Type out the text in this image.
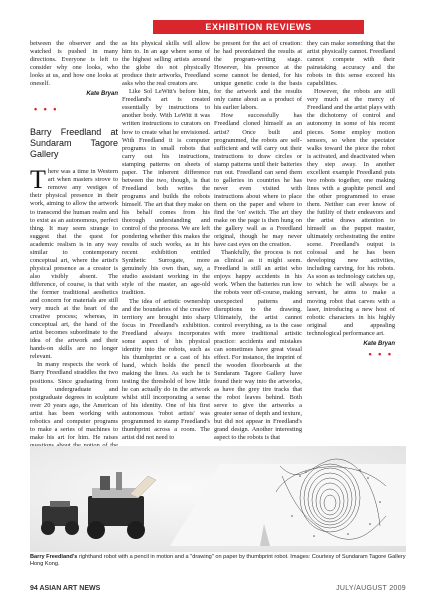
EXHIBITION REVIEWS

between the observer and the watched is pushed in many directions. Everyone is left to consider why one looks, who looks at us, and how one looks at oneself.

Kate Bryan
• • •
Barry Freedland at Sundaram Tagore Gallery

There was a time in Western art when masters strove to remove any vestiges of their physical presence in their work, aiming to allow the artwork to transcend the human realm and to exist as an autonomous, perfect thing. It may seem strange to suggest that the quest for academic realism is in any way similar to contemporary conceptual art, where the artist's physical presence as a creator is also visibly absent. The difference, of course, is that with the former traditional aesthetics and concern for materials are still very much at the heart of the creative process; whereas, in conceptual art, the hand of the artist becomes subordinate to the idea of the artwork and their hands-on skills are no longer relevant.

In many respects the work of Barry Freedland straddles the two positions. Since graduating from his undergraduate and postgraduate degrees in sculpture over 20 years ago, the American artist has been working with robotics and computer programs to make a series of machines to make his art for him. He raises

as his physical skills will allow him to. In an age where some of the highest selling artists around the globe do not physically produce their artworks, Freedland asks who the real creators are.

Like Sol LeWitt's before him, Freedland's art is created essentially by instructions to another body. With LeWitt it was written instructions to curators on how to create what he envisioned. With Freedland it is computer programs in small robots that carry out his instructions, stamping patterns on sheets of paper. The inherent difference between the two, though, is that Freedland both writes the programs and builds the robots himself. The art that they make on his behalf comes from his thorough understanding and control of the process. We are left pondering whether this makes the results of such works, as in his recent exhibition entitled Synthetic Surrogate, more genuinely his own than, say, a studio assistant working in the style of the master, an age-old tradition.

The idea of artistic ownership and the boundaries of the creative territory are brought into sharp focus in Freedland's exhibition. Freedland always incorporates some aspect of his physical identity into the robots, such as his thumbprint or a cast of his hand, which holds the pencil making the lines. As such he is testing the threshold of how little he can actually do in the artwork whilst still incorporating a sense of his identity. One of his first autonomous 'robot artists' was programmed to stamp Freedland's thumbprint across a room. The artist did not need to

be present for the act of creation: he had preordained the results at the program-writing stage. However, his presence at the scene cannot be denied, for his unique genetic code is the basis for the artwork and the results only came about as a product of his earlier labors.

How successfully has Freedland cloned himself as an artist? Once built and programmed, the robots are self-sufficient and will carry out their instructions to draw circles or stamp patterns until their batteries run out. Freedland can send them to galleries in countries he has never even visited with instructions about where to place them on the paper and where to find the 'on' switch. The art they make on the page is then hung on the gallery wall as a Freedland original, though he may never have cast eyes on the creation.

Thankfully, the process is not as clinical as it might seem. Freedland is still an artist who enjoys happy accidents in his work. When the batteries run low the robots veer off-course, making unexpected patterns and disruptions to the drawing. Ultimately, the artist cannot control everything, as is the case with more traditional artistic practice: accidents and mistakes can sometimes have great visual effect. For instance, the imprint of the wooden floorboards at the Sundaram Tagore Gallery have found their way into the artworks, as have the grey tire tracks that the robot leaves behind. Both serve to give the artworks a greater sense of depth and texture, but did not appear in Freedland's grand design. Another interesting aspect to the robots is that

they can make something that the artist physically cannot. Freedland cannot compete with their painstaking accuracy and the robots in this sense exceed his capabilities.

However, the robots are still very much at the mercy of Freedland and the artist plays with the dichotomy of control and autonomy in some of his recent pieces. Some employ motion sensors, so when the spectator walks toward the piece the robot is activated, and deactivated when they step away. In another excellent example Freedland puts two robots together, one making lines with a graphite pencil and the other programmed to erase them. Neither can ever know of the futility of their endeavors and the artist draws attention to himself as the puppet master, ultimately orchestrating the entire scene. Freedland's output is colossal and he has been developing new activities, including carving, for his robots. As soon as technology catches up, to which he will always be a servant, he aims to make a moving robot that carves with a laser, introducing a new host of robotic characters in his highly original and appealing technological performance art.

Kate Bryan
• • •
Barry Freedland's righthand robot with a pencil in motion and a "drawing" on paper by thumbprint robot. Images: Courtesy of Sundaram Tagore Gallery Hong Kong.
94 ASIAN ART NEWS	JULY/AUGUST 2009
